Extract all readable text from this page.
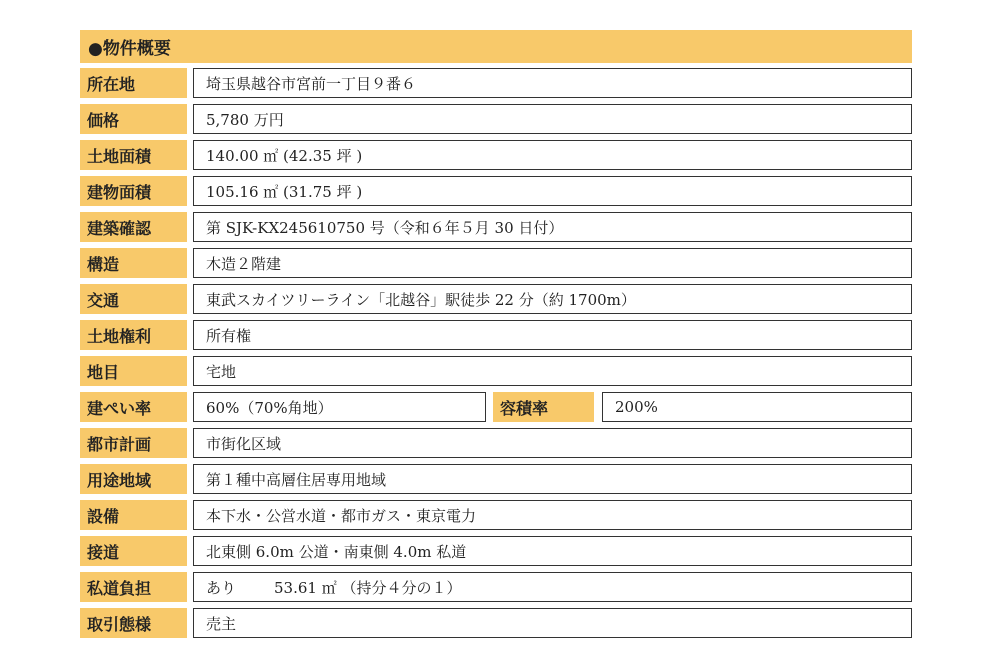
●物件概要
所在地	埼玉県越谷市宮前一丁目９番６
価格	5,780 万円
土地面積	140.00 ㎡ (42.35 坪 )
建物面積	105.16 ㎡ (31.75 坪 )
建築確認	第 SJK-KX245610750 号（令和６年５月 30 日付）
構造	木造２階建
交通	東武スカイツリーライン「北越谷」駅徒歩 22 分（約 1700m）
土地権利	所有権
地目	宅地
建ぺい率	60%（70%角地）	容積率	200%
都市計画	市街化区域
用途地域	第１種中高層住居専用地域
設備	本下水・公営水道・都市ガス・東京電力
接道	北東側 6.0m 公道・南東側 4.0m 私道
私道負担	あり	53.61 ㎡ （持分４分の１）
取引態様	売主
